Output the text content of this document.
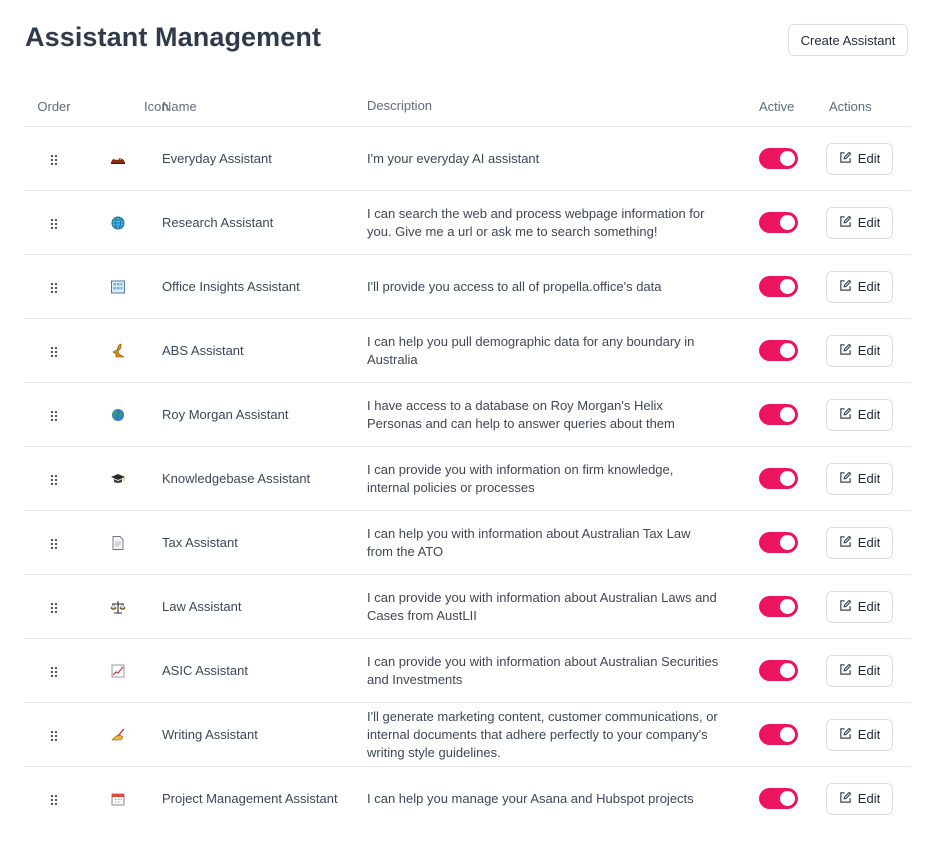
Assistant Management	Create Assistant
Order	Icon	Name	Description	Active	Actions
		Everyday Assistant	I'm your everyday AI assistant		Edit

		Research Assistant	I can search the web and process webpage information for you. Give me a url or ask me to search something!		Edit

		Office Insights Assistant	I'll provide you access to all of propella.office's data		Edit

		ABS Assistant	I can help you pull demographic data for any boundary in Australia		Edit

		Roy Morgan Assistant	I have access to a database on Roy Morgan's Helix Personas and can help to answer queries about them		Edit

		Knowledgebase Assistant	I can provide you with information on firm knowledge, internal policies or processes		Edit

		Tax Assistant	I can help you with information about Australian Tax Law from the ATO		Edit

		Law Assistant	I can provide you with information about Australian Laws and Cases from AustLII		Edit

		ASIC Assistant	I can provide you with information about Australian Securities and Investments		Edit

		Writing Assistant	I'll generate marketing content, customer communications, or internal documents that adhere perfectly to your company's writing style guidelines.		Edit

		Project Management Assistant	I can help you manage your Asana and Hubspot projects		Edit
